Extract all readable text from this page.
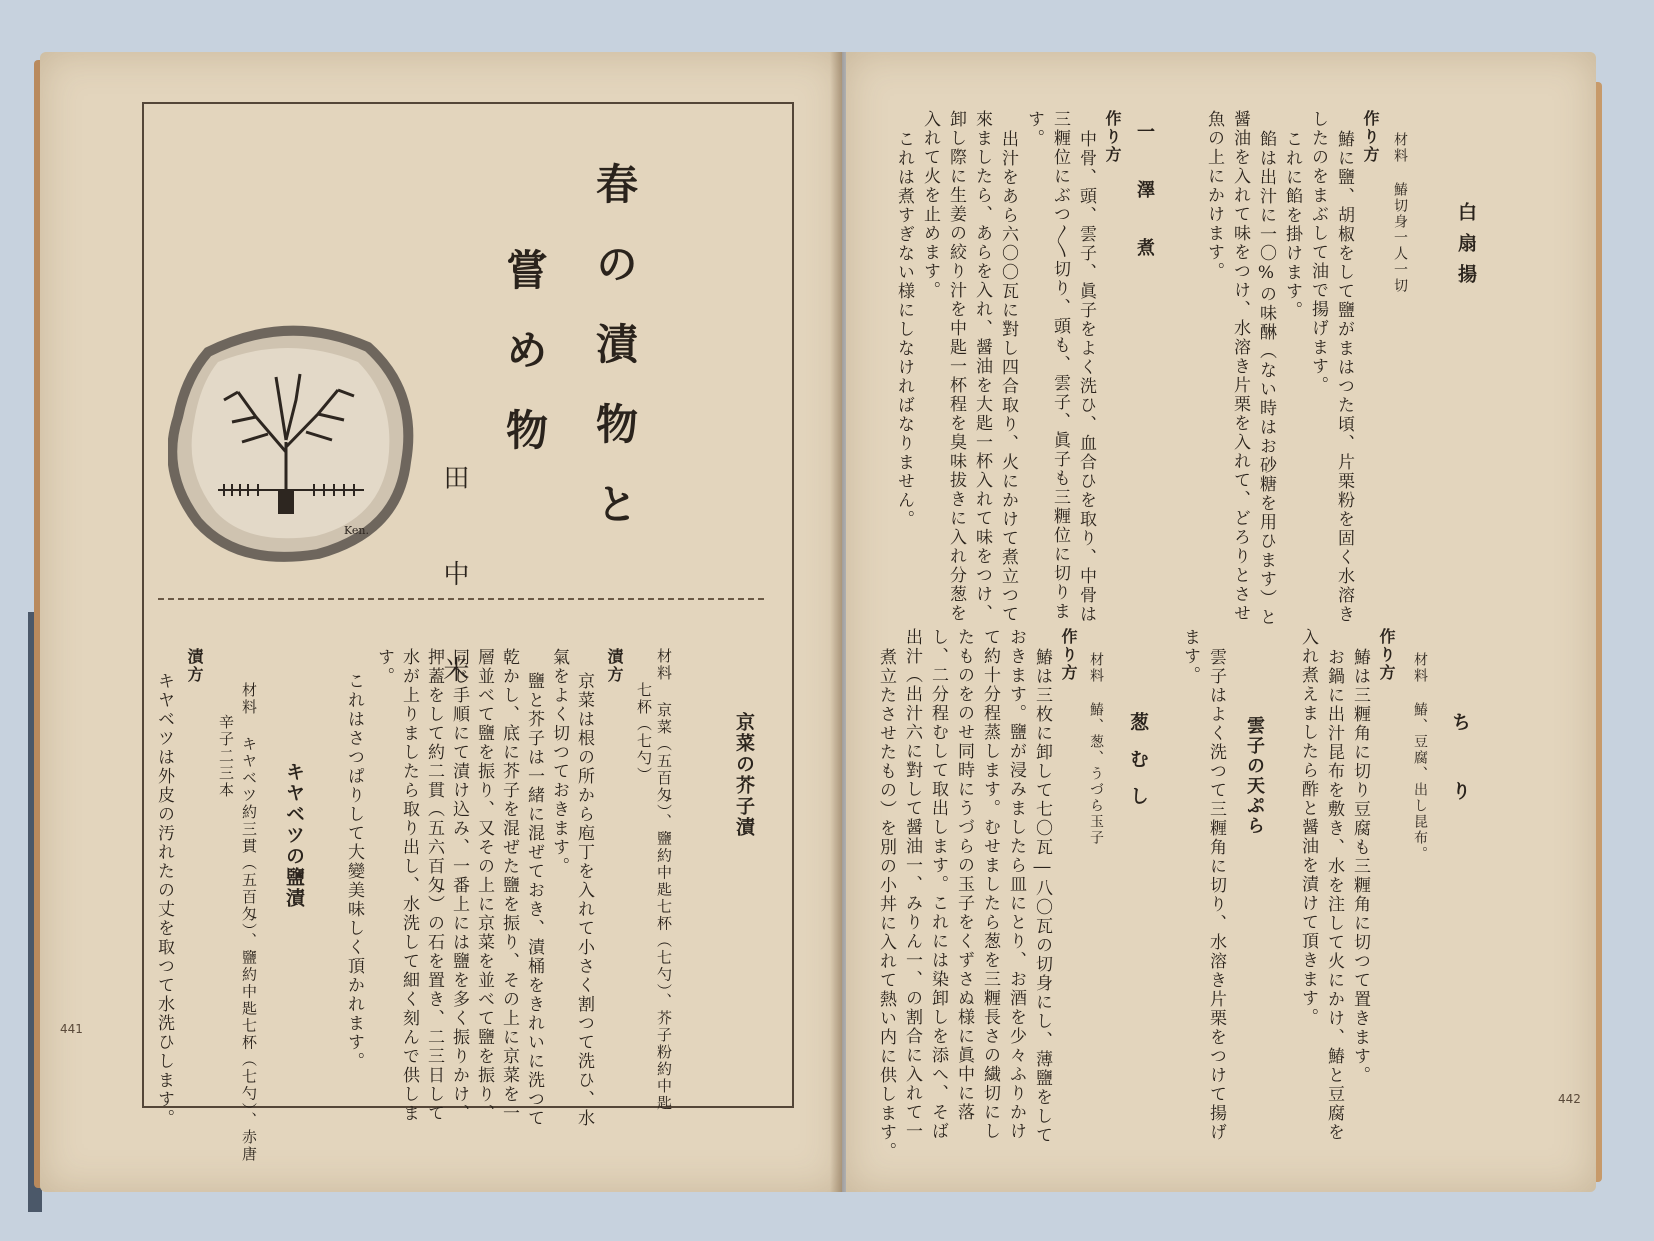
春の漬物と
嘗め物
田中米
Ken.
京菜の芥子漬
材料 京菜（五百匁）、鹽約中匙七杯（七勺）、芥子粉約中匙
七杯（七勺）
漬方
京菜は根の所から庖丁を入れて小さく割つて洗ひ、水
氣をよく切つておきます。
鹽と芥子は一緒に混ぜておき、漬桶をきれいに洗つて
乾かし、底に芥子を混ぜた鹽を振り、その上に京菜を一
層並べて鹽を振り、又その上に京菜を並べて鹽を振り、
同じ手順にて漬け込み、一番上には鹽を多く振りかけ、
押蓋をして約二貫（五六百匁）の石を置き、二三日して
水が上りましたら取り出し、水洗して細く刻んで供しま
す。
これはさつぱりして大變美味しく頂かれます。
キヤベツの鹽漬
材料 キヤベツ約三貫（五百匁）、鹽約中匙七杯（七勺）、赤唐
辛子二三本
漬方
キヤベツは外皮の汚れたの丈を取つて水洗ひします。
441
白扇揚
材料 鰆切身一人一切
作り方
鰆に鹽、胡椒をして鹽がまはつた頃、片栗粉を固く水溶き
したのをまぶして油で揚げます。
これに餡を掛けます。
餡は出汁に一〇%の味醂（ない時はお砂糖を用ひます）と
醤油を入れて味をつけ、水溶き片栗を入れて、どろりとさせ
魚の上にかけます。
一澤煮
作り方
中骨、頭、雲子、眞子をよく洗ひ、血合ひを取り、中骨は
三糎位にぶつ〳〵切り、頭も、雲子、眞子も三糎位に切りま
す。
出汁をあら六〇〇瓦に對し四合取り、火にかけて煮立つて
來ましたら、あらを入れ、醤油を大匙一杯入れて味をつけ、
卸し際に生姜の絞り汁を中匙一杯程を臭味拔きに入れ分葱を
入れて火を止めます。
これは煮すぎない様にしなければなりません。
ちり
材料 鰆、豆腐、出し昆布。
作り方
鰆は三糎角に切り豆腐も三糎角に切つて置きます。
お鍋に出汁昆布を敷き、水を注して火にかけ、鰆と豆腐を
入れ煮えましたら酢と醤油を漬けて頂きます。
雲子の天ぷら
雲子はよく洗つて三糎角に切り、水溶き片栗をつけて揚げ
ます。
葱むし
材料 鰆、葱、うづら玉子
作り方
鰆は三枚に卸して七〇瓦―八〇瓦の切身にし、薄鹽をして
おきます。鹽が浸みましたら皿にとり、お酒を少々ふりかけ
て約十分程蒸します。むせましたら葱を三糎長さの繊切にし
たものをのせ同時にうづらの玉子をくずさぬ様に眞中に落
し、二分程むして取出します。これには染卸しを添へ、そば
出汁（出汁六に對して醤油一、みりん一、の割合に入れて一
煮立たさせたもの）を別の小丼に入れて熱い内に供します。	442
